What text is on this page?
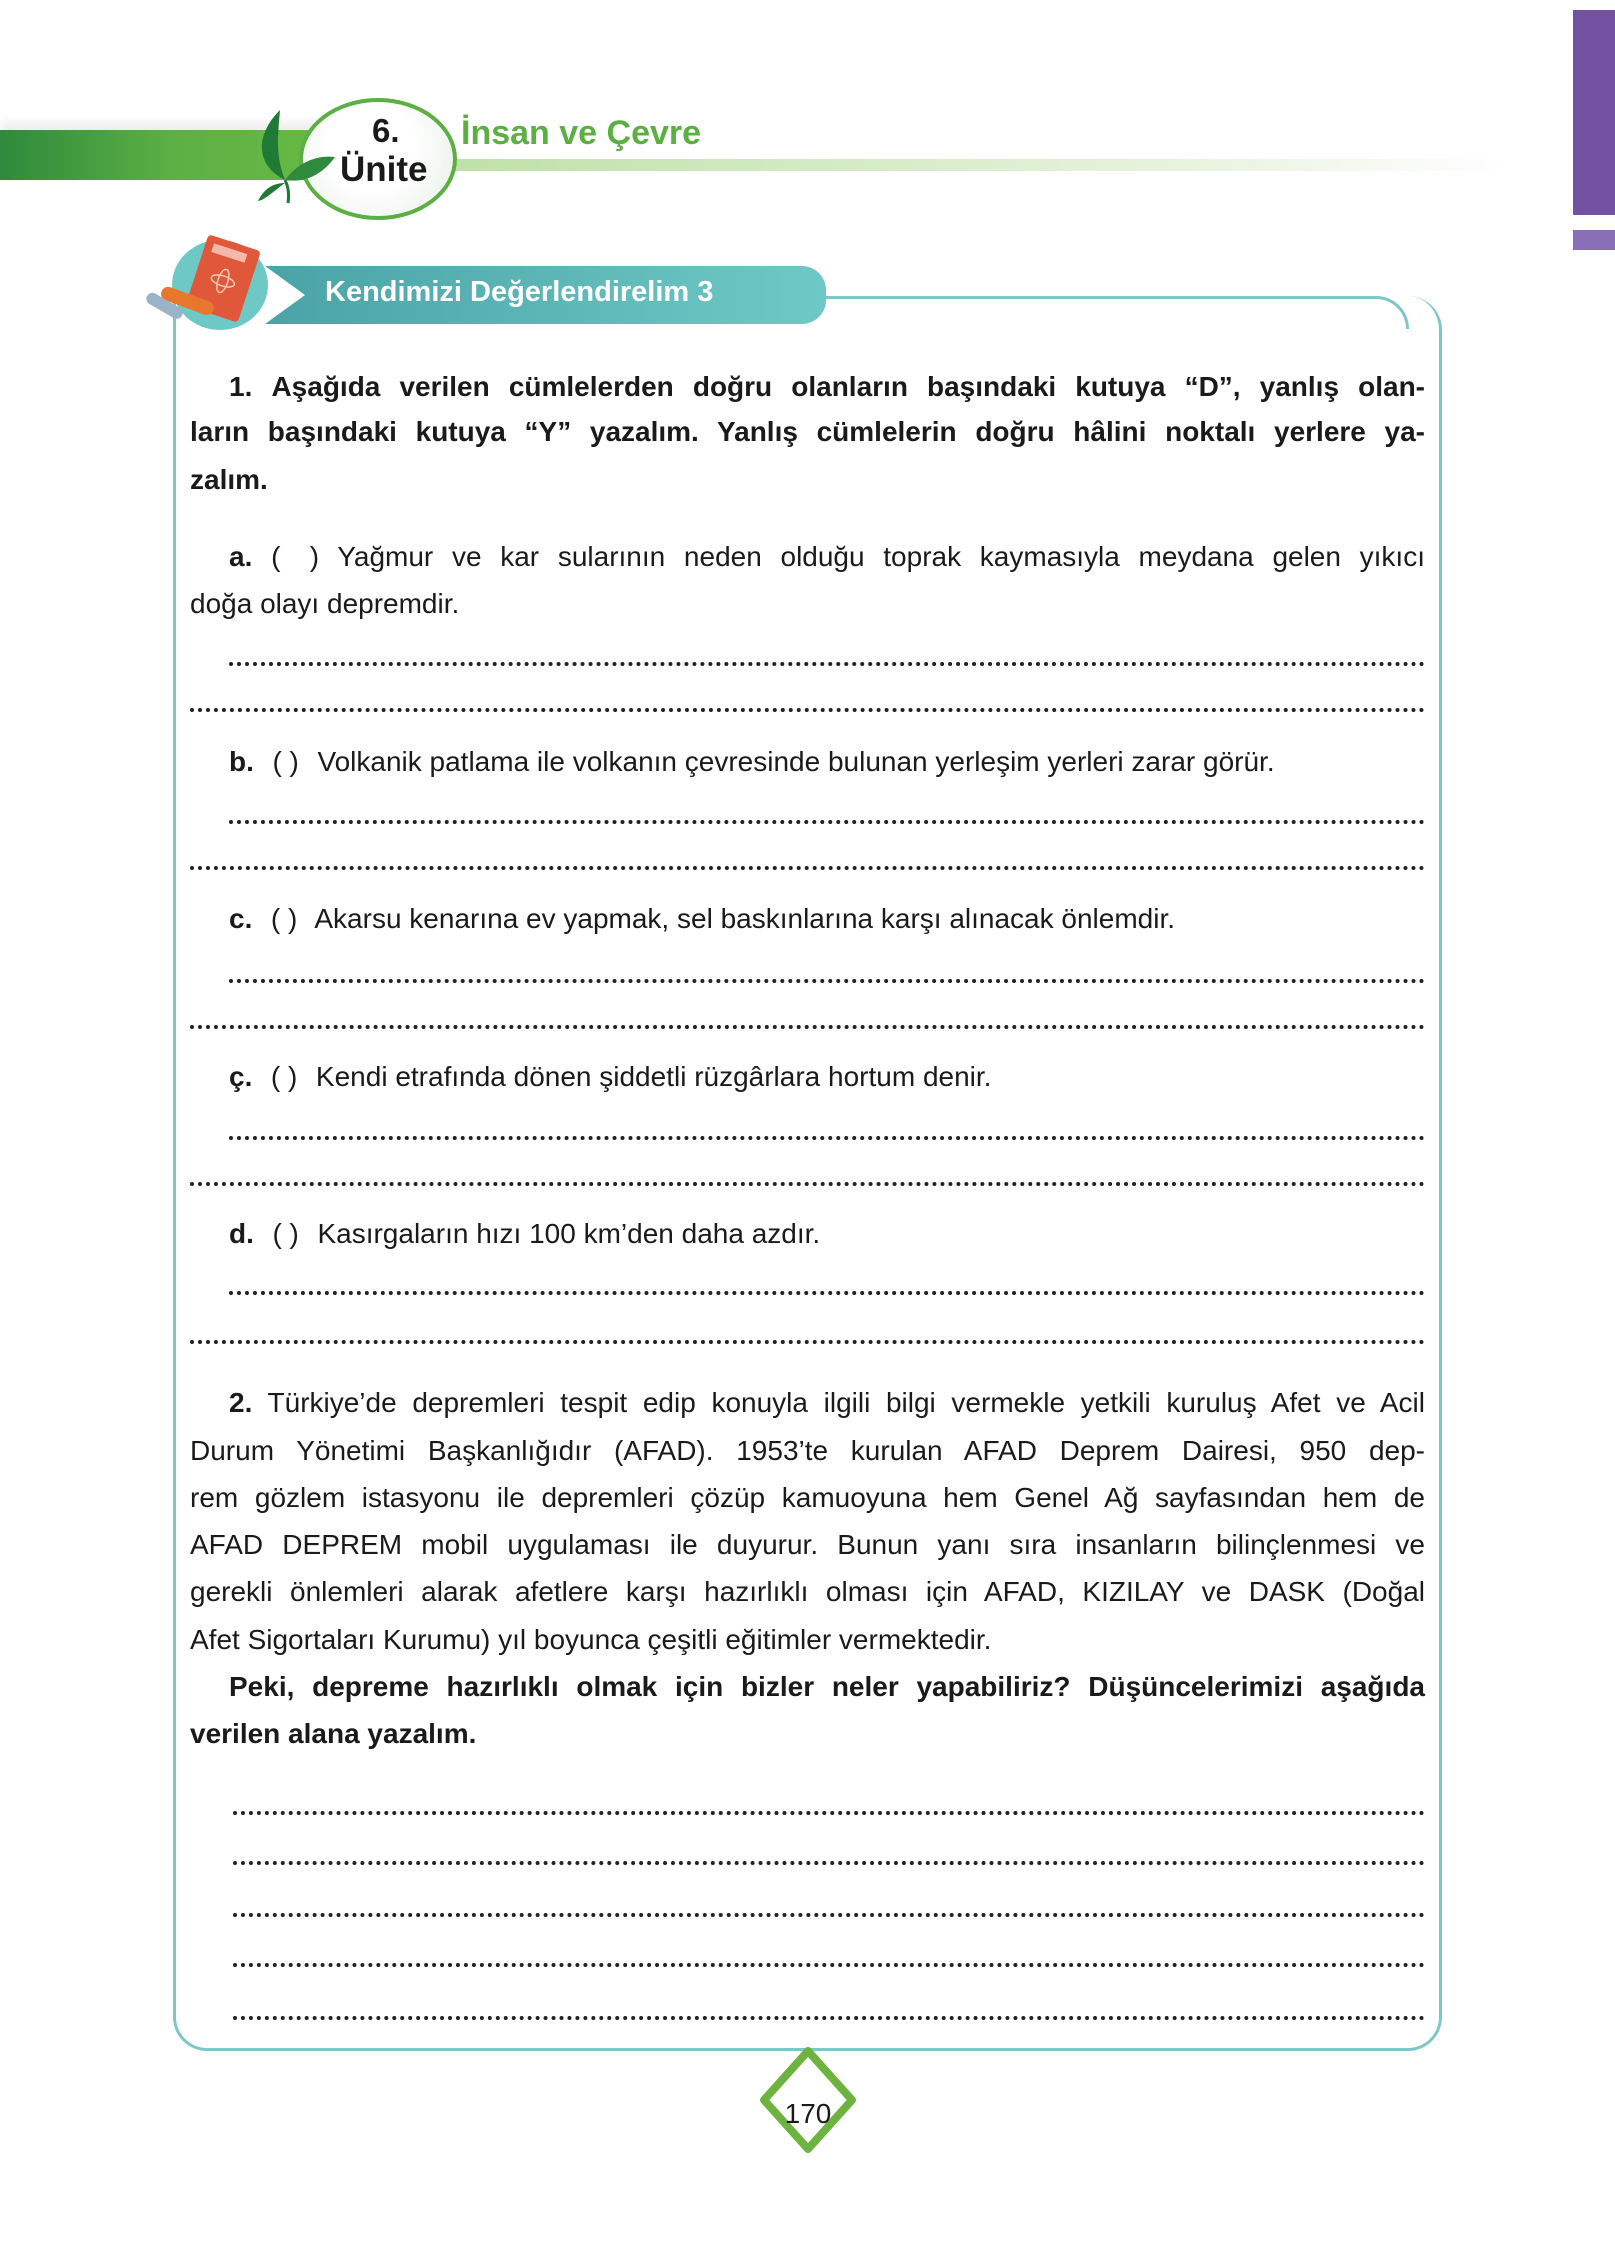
6.
Ünite
İnsan ve Çevre
Kendimizi Değerlendirelim 3
1. Aşağıda verilen cümlelerden doğru olanların başındaki kutuya “D”, yanlış olan-
ların başındaki kutuya “Y” yazalım. Yanlış cümlelerin doğru hâlini noktalı yerlere ya-
zalım.
a. ( ) Yağmur ve kar sularının neden olduğu toprak kaymasıyla meydana gelen yıkıcı
doğa olayı depremdir.
b. ( ) Volkanik patlama ile volkanın çevresinde bulunan yerleşim yerleri zarar görür.
c. ( ) Akarsu kenarına ev yapmak, sel baskınlarına karşı alınacak önlemdir.
ç. ( ) Kendi etrafında dönen şiddetli rüzgârlara hortum denir.
d. ( ) Kasırgaların hızı 100 km’den daha azdır.
2. Türkiye’de depremleri tespit edip konuyla ilgili bilgi vermekle yetkili kuruluş Afet ve Acil
Durum Yönetimi Başkanlığıdır (AFAD). 1953’te kurulan AFAD Deprem Dairesi, 950 dep-
rem gözlem istasyonu ile depremleri çözüp kamuoyuna hem Genel Ağ sayfasından hem de
AFAD DEPREM mobil uygulaması ile duyurur. Bunun yanı sıra insanların bilinçlenmesi ve
gerekli önlemleri alarak afetlere karşı hazırlıklı olması için AFAD, KIZILAY ve DASK (Doğal
Afet Sigortaları Kurumu) yıl boyunca çeşitli eğitimler vermektedir.
Peki, depreme hazırlıklı olmak için bizler neler yapabiliriz? Düşüncelerimizi aşağıda
verilen alana yazalım.
170
